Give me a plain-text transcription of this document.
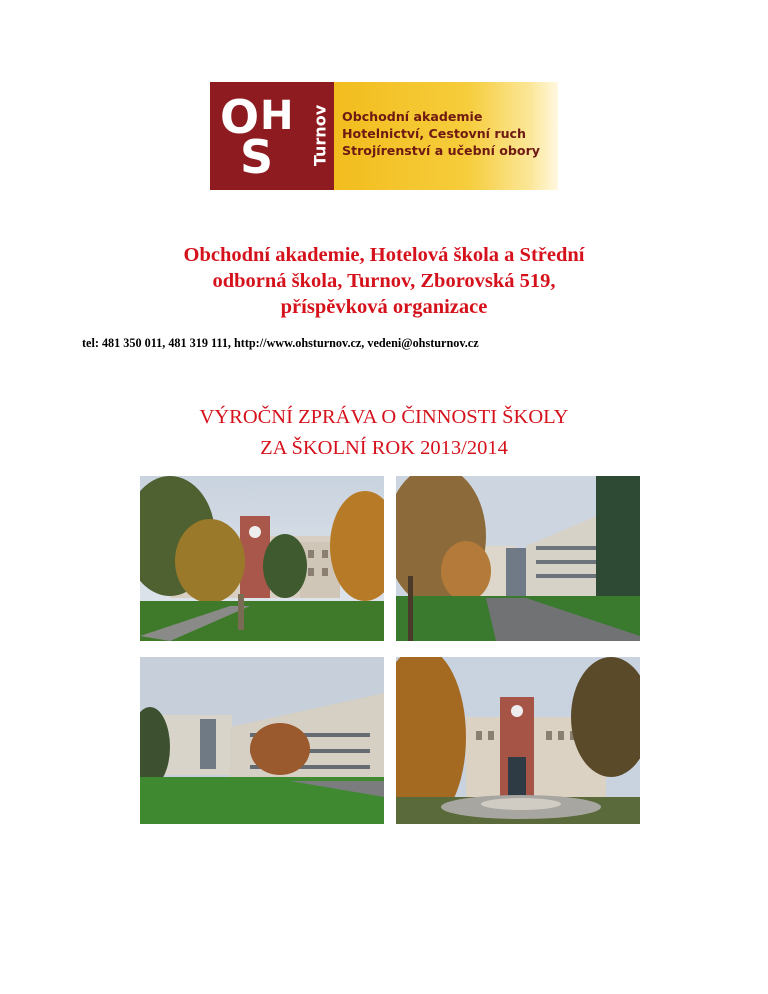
O H
S Turnov Obchodní akademie
Hotelnictví, Cestovní ruch
Strojírenství a učební obory
Obchodní akademie, Hotelová škola a Střední
odborná škola, Turnov, Zborovská 519,
příspěvková organizace
tel: 481 350 011, 481 319 111, http://www.ohsturnov.cz, vedeni@ohsturnov.cz
VÝROČNÍ ZPRÁVA O ČINNOSTI ŠKOLY
ZA ŠKOLNÍ ROK 2013/2014
